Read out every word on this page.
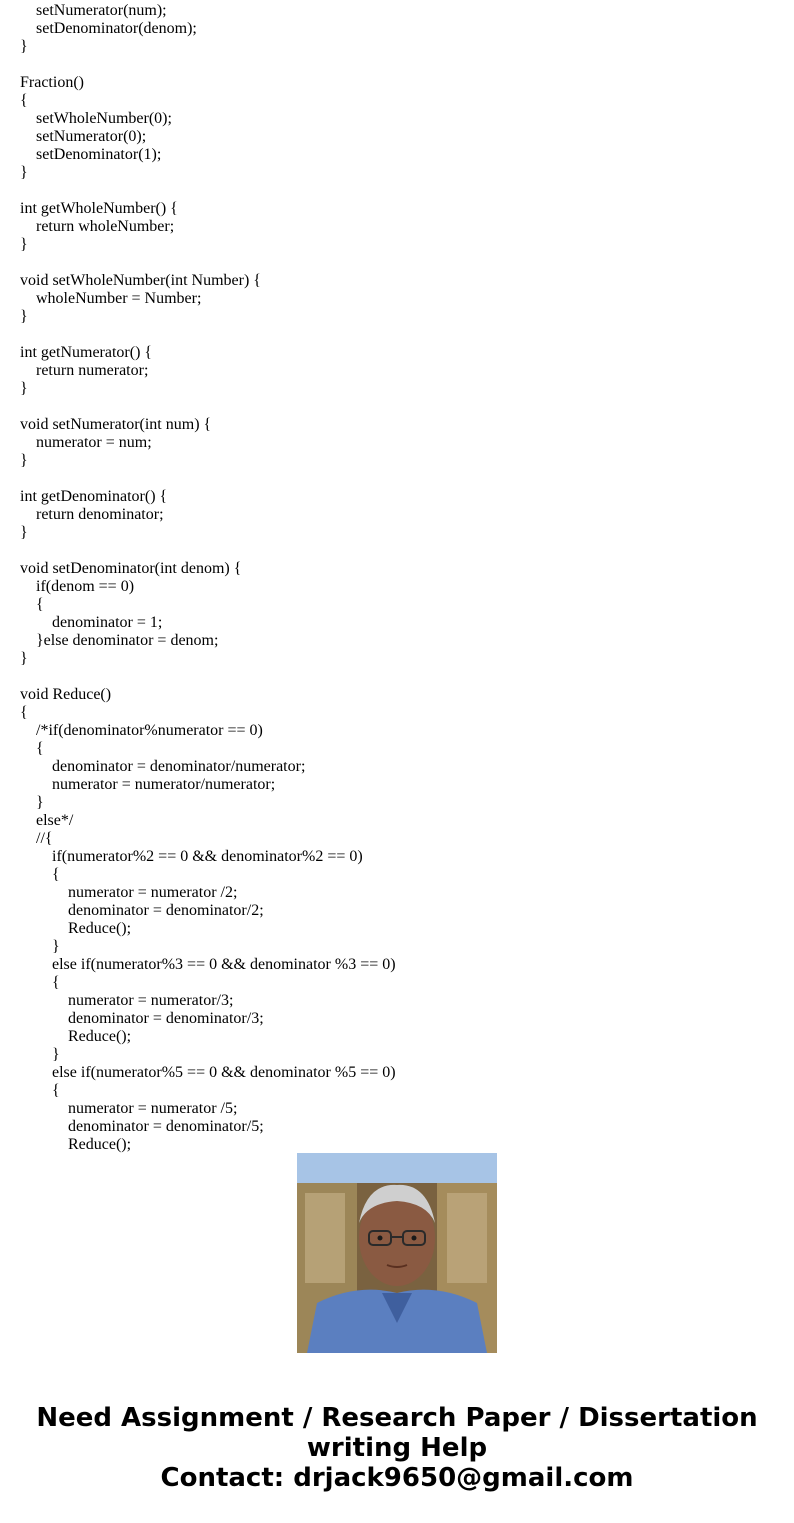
setNumerator(num);
setDenominator(denom);
}
Fraction()
{
setWholeNumber(0);
setNumerator(0);
setDenominator(1);
}
int getWholeNumber() {
return wholeNumber;
}
void setWholeNumber(int Number) {
wholeNumber = Number;
}
int getNumerator() {
return numerator;
}
void setNumerator(int num) {
numerator = num;
}
int getDenominator() {
return denominator;
}
void setDenominator(int denom) {
if(denom == 0)
{
denominator = 1;
}else denominator = denom;
}
void Reduce()
{
/*if(denominator%numerator == 0)
{
denominator = denominator/numerator;
numerator = numerator/numerator;
}
else*/
//{
if(numerator%2 == 0 && denominator%2 == 0)
{
numerator = numerator /2;
denominator = denominator/2;
Reduce();
}
else if(numerator%3 == 0 && denominator %3 == 0)
{
numerator = numerator/3;
denominator = denominator/3;
Reduce();
}
else if(numerator%5 == 0 && denominator %5 == 0)
{
numerator = numerator /5;
denominator = denominator/5;
Reduce();
Need Assignment / Research Paper / Dissertation
writing Help
Contact: drjack9650@gmail.com
